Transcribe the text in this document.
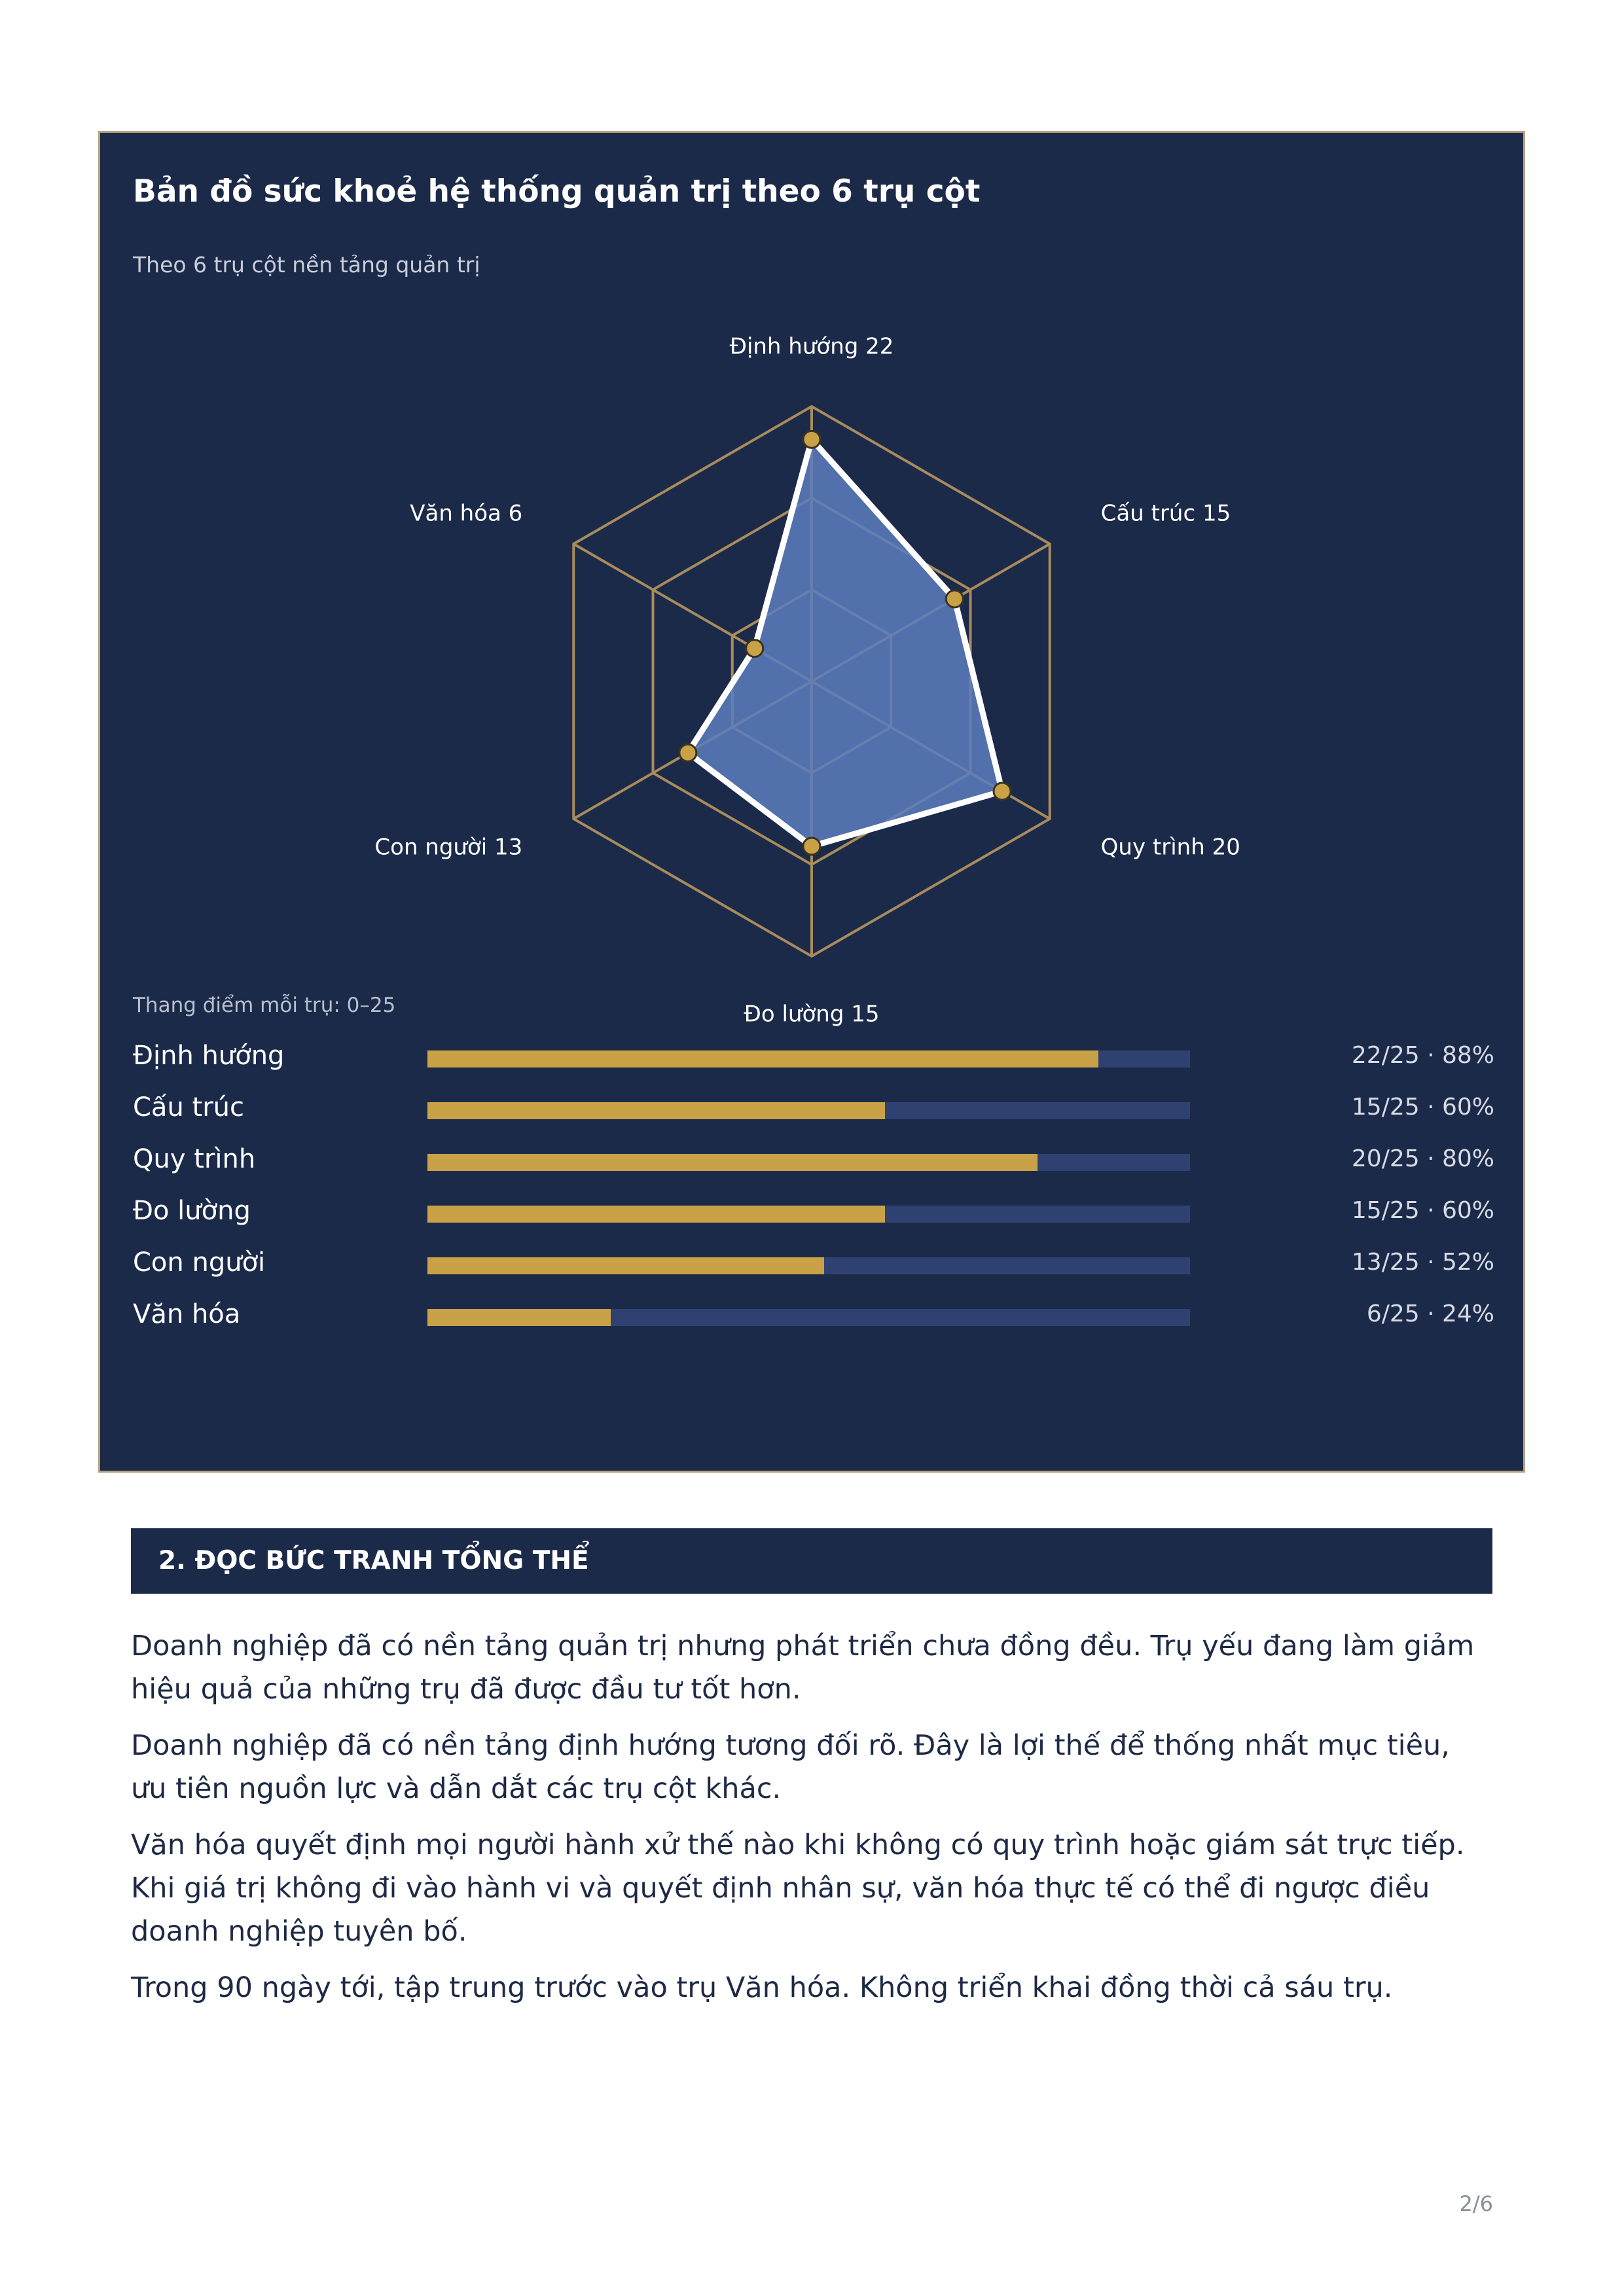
Bản đồ sức khoẻ hệ thống quản trị theo 6 trụ cột
Theo 6 trụ cột nền tảng quản trị
Định hướng 22
Cấu trúc 15
Quy trình 20
Đo lường 15
Con người 13
Văn hóa 6
Thang điểm mỗi trụ: 0–25
Định hướng	22/25 · 88%
Cấu trúc	15/25 · 60%
Quy trình	20/25 · 80%
Đo lường	15/25 · 60%
Con người	13/25 · 52%
Văn hóa	6/25 · 24%
2. ĐỌC BỨC TRANH TỔNG THỂ

Doanh nghiệp đã có nền tảng quản trị nhưng phát triển chưa đồng đều. Trụ yếu đang làm giảm hiệu quả của những trụ đã được đầu tư tốt hơn.

Doanh nghiệp đã có nền tảng định hướng tương đối rõ. Đây là lợi thế để thống nhất mục tiêu, ưu tiên nguồn lực và dẫn dắt các trụ cột khác.

Văn hóa quyết định mọi người hành xử thế nào khi không có quy trình hoặc giám sát trực tiếp. Khi giá trị không đi vào hành vi và quyết định nhân sự, văn hóa thực tế có thể đi ngược điều doanh nghiệp tuyên bố.

Trong 90 ngày tới, tập trung trước vào trụ Văn hóa. Không triển khai đồng thời cả sáu trụ.

2/6
